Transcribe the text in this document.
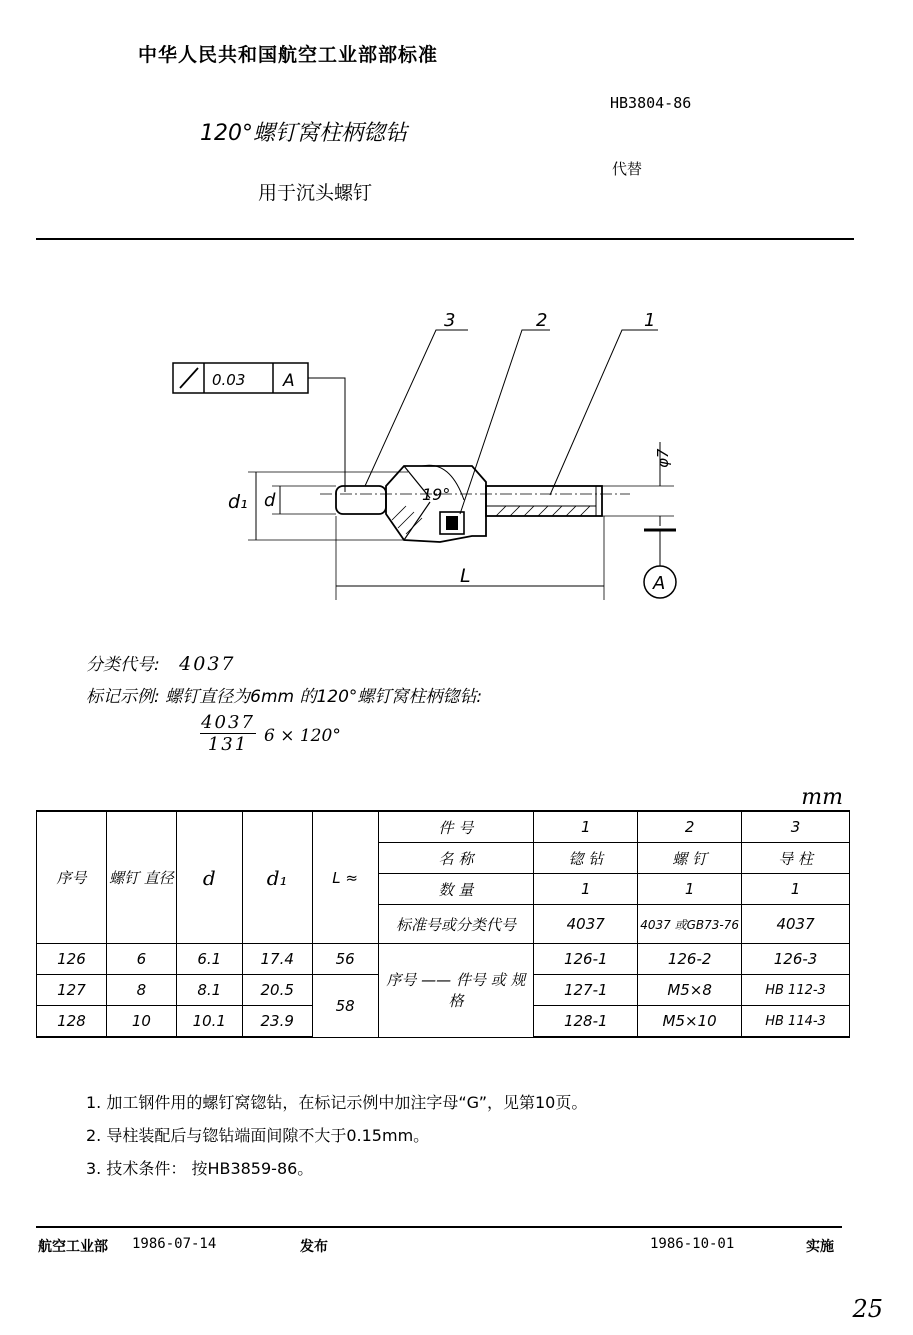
中华人民共和国航空工业部部标准
HB3804-86
代替
120°螺钉窝柱柄锪钻
用于沉头螺钉
0.03 A
19°
3	2	1
d₁ d
L
φ7
A
分类代号: 4037
标记示例: 螺钉直径为6mm 的120°螺钉窝柱柄锪钻:
$\frac{4037}{131} 6 \times 120^\circ$
mm
序号	螺钉 直径	d	d₁	L ≈	件 号	1	2	3
					名 称	锪 钻	螺 钉	导 柱
					数 量	1	1	1
					标准号或分类代号	4037	4037 或GB73-76	4037
126	6	6.1	17.4	56	序号 —— 件号 或 规 格	126-1	126-2	126-3
127	8	8.1	20.5	58		127-1	M5×8	HB 112-3
128	10	10.1	23.9			128-1	M5×10	HB 114-3
1. 加工钢件用的螺钉窝锪钻，在标记示例中加注字母“G”，见第10页。
2. 导柱装配后与锪钻端面间隙不大于0.15mm。
3. 技术条件： 按HB3859-86。
航空工业部 1986-07-14	发布	1986-10-01	实施
25
